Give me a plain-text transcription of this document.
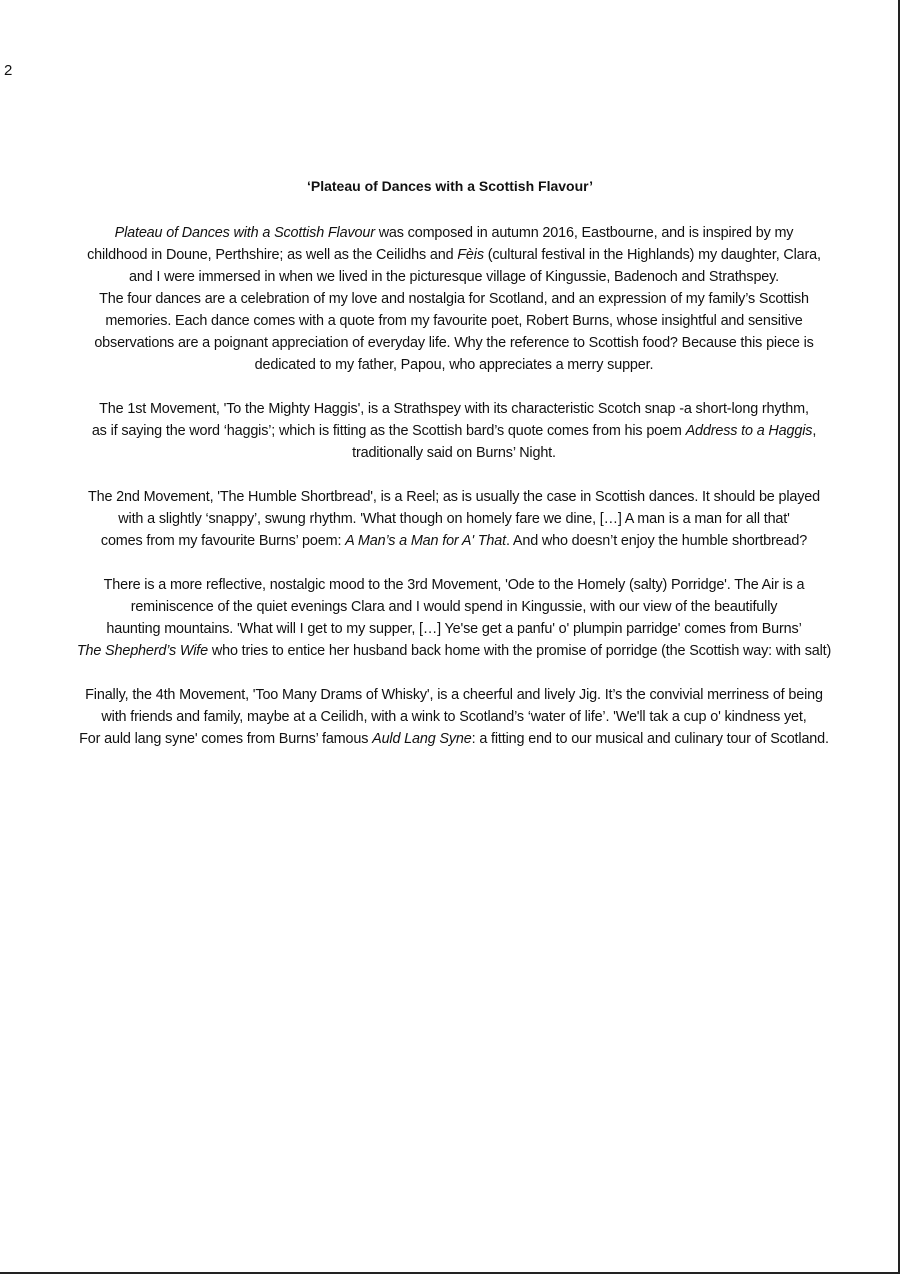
2
‘Plateau of Dances with a Scottish Flavour’
Plateau of Dances with a Scottish Flavour was composed in autumn 2016, Eastbourne, and is inspired by my
childhood in Doune, Perthshire; as well as the Ceilidhs and Fèis (cultural festival in the Highlands) my daughter, Clara,
and I were immersed in when we lived in the picturesque village of Kingussie, Badenoch and Strathspey.
The four dances are a celebration of my love and nostalgia for Scotland, and an expression of my family’s Scottish
memories. Each dance comes with a quote from my favourite poet, Robert Burns, whose insightful and sensitive
observations are a poignant appreciation of everyday life. Why the reference to Scottish food? Because this piece is
dedicated to my father, Papou, who appreciates a merry supper.
The 1st Movement, 'To the Mighty Haggis', is a Strathspey with its characteristic Scotch snap -a short-long rhythm,
as if saying the word ‘haggis’; which is fitting as the Scottish bard’s quote comes from his poem Address to a Haggis,
traditionally said on Burns’ Night.
The 2nd Movement, 'The Humble Shortbread', is a Reel; as is usually the case in Scottish dances. It should be played
with a slightly ‘snappy’, swung rhythm. 'What though on homely fare we dine, […] A man is a man for all that'
comes from my favourite Burns’ poem: A Man’s a Man for A' That. And who doesn’t enjoy the humble shortbread?
There is a more reflective, nostalgic mood to the 3rd Movement, 'Ode to the Homely (salty) Porridge'. The Air is a
reminiscence of the quiet evenings Clara and I would spend in Kingussie, with our view of the beautifully
haunting mountains. 'What will I get to my supper, […] Ye'se get a panfu' o' plumpin parridge' comes from Burns’
The Shepherd’s Wife who tries to entice her husband back home with the promise of porridge (the Scottish way: with salt)
Finally, the 4th Movement, 'Too Many Drams of Whisky', is a cheerful and lively Jig. It’s the convivial merriness of being
with friends and family, maybe at a Ceilidh, with a wink to Scotland’s ‘water of life’. 'We'll tak a cup o' kindness yet,
For auld lang syne' comes from Burns’ famous Auld Lang Syne: a fitting end to our musical and culinary tour of Scotland.
